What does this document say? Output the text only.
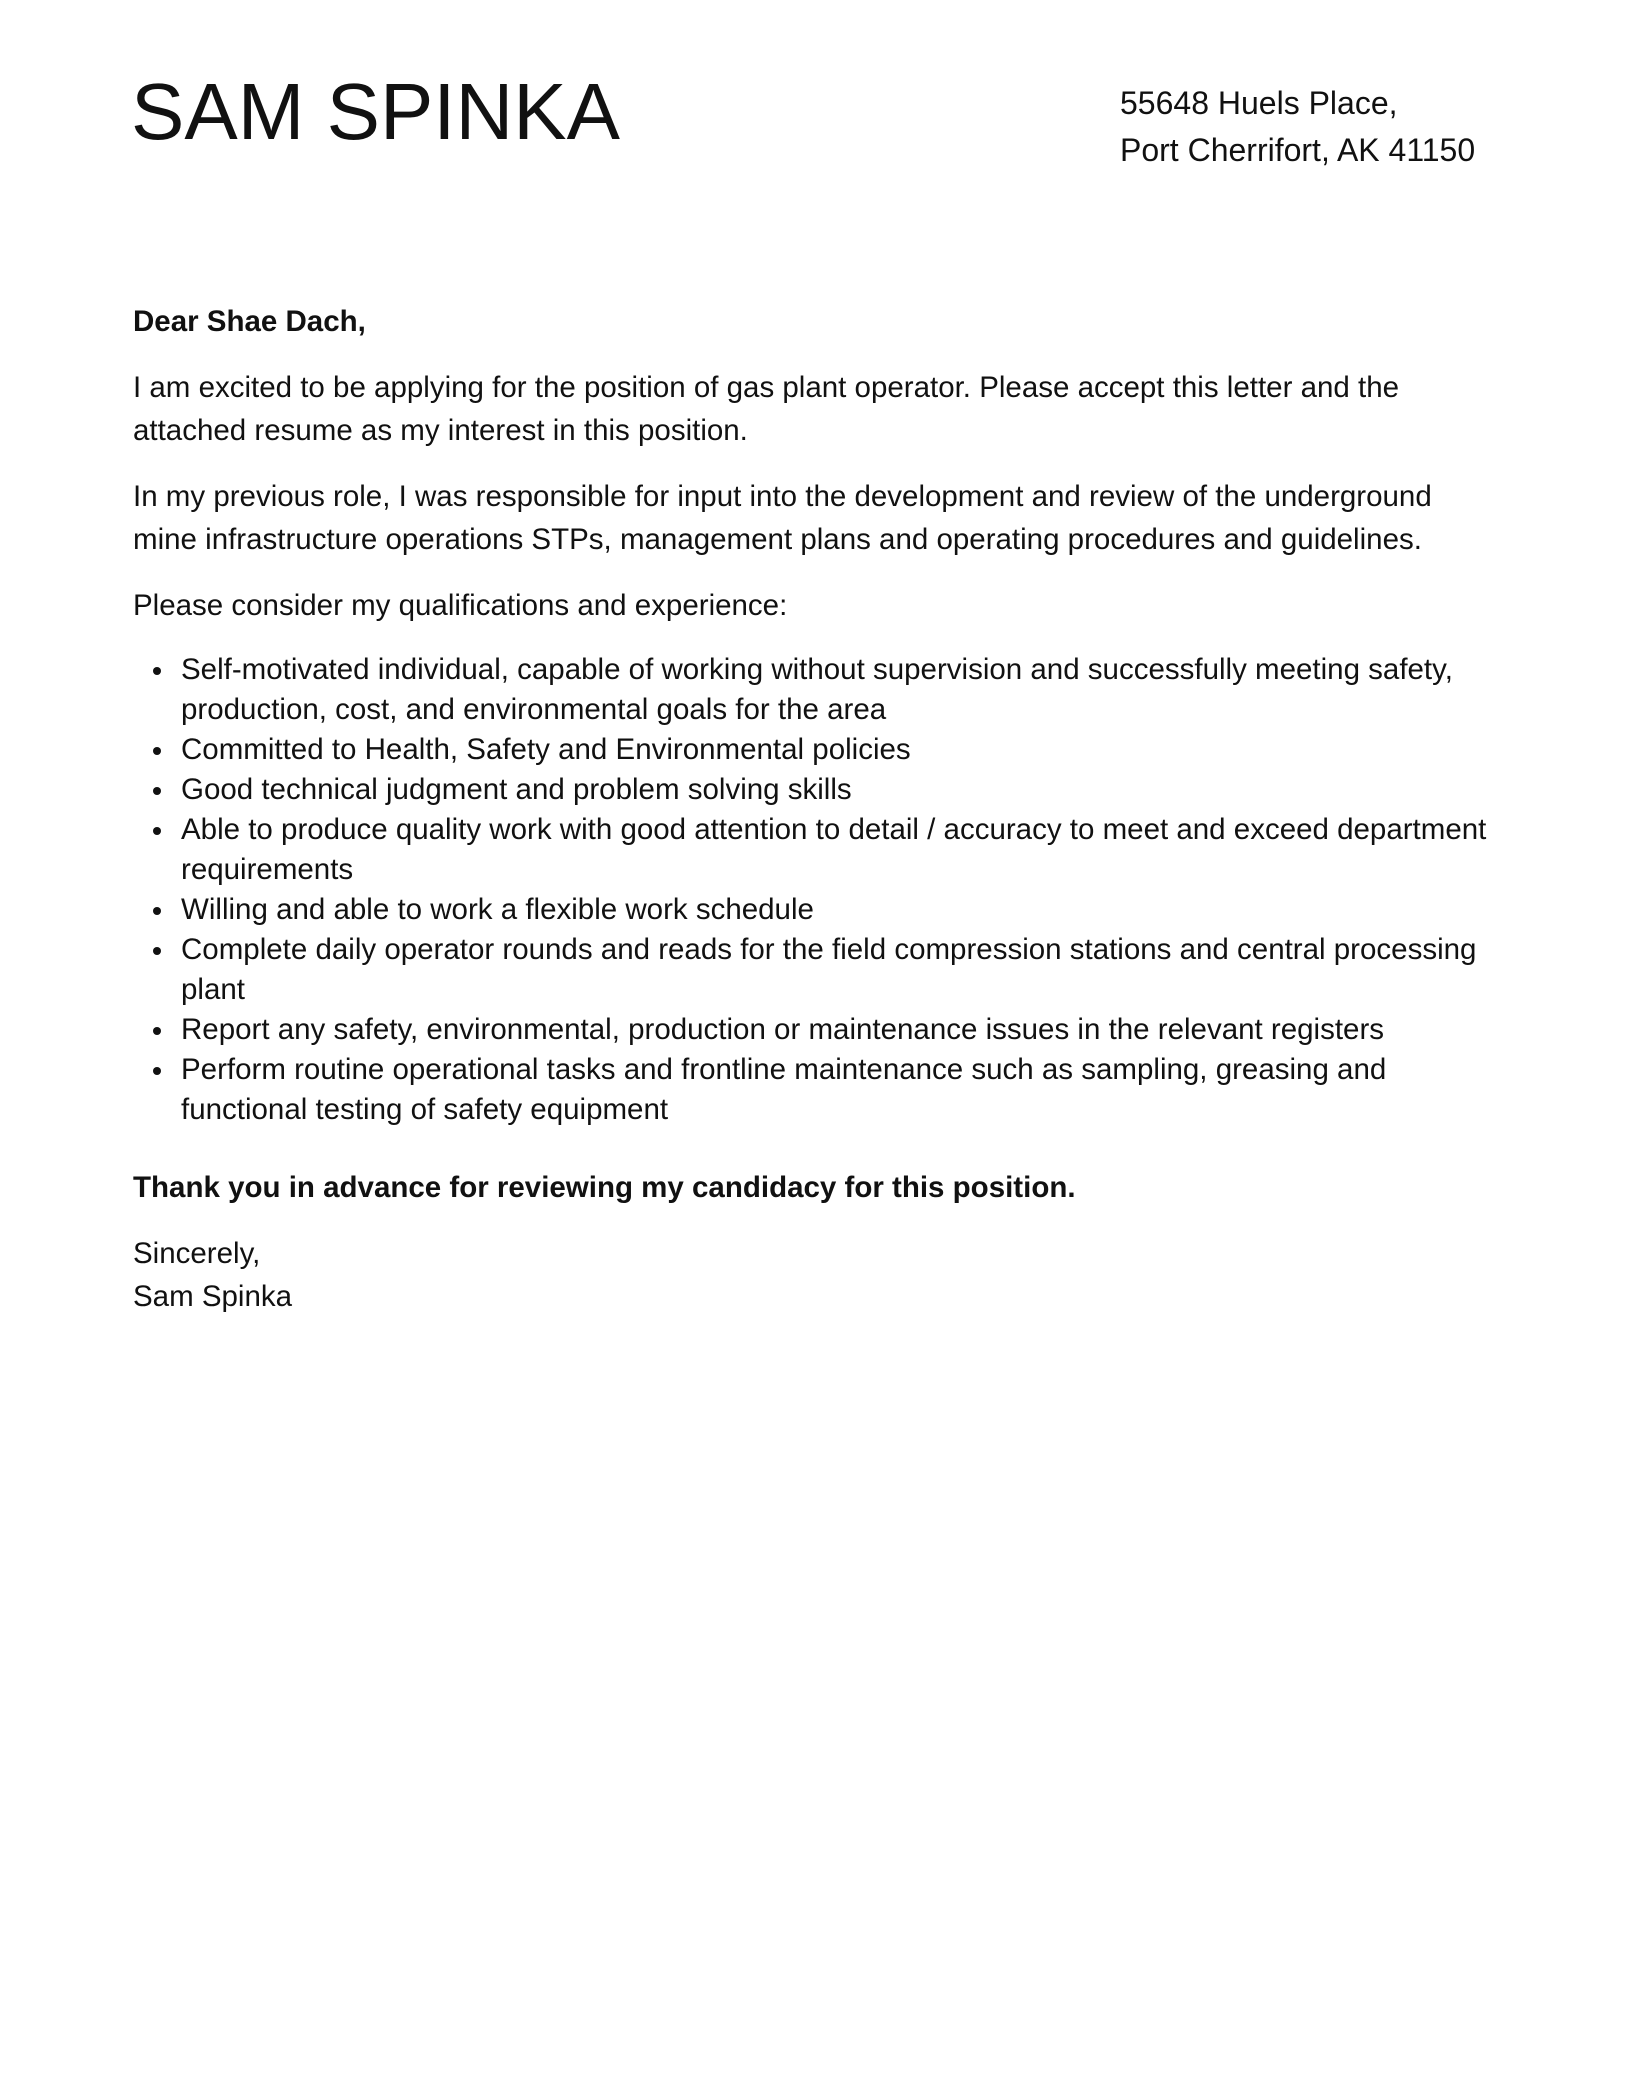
SAM SPINKA	55648 Huels Place,
Port Cherrifort, AK 41150

Dear Shae Dach,

I am excited to be applying for the position of gas plant operator. Please accept this letter and the attached resume as my interest in this position.

In my previous role, I was responsible for input into the development and review of the underground mine infrastructure operations STPs, management plans and operating procedures and guidelines.

Please consider my qualifications and experience:

Self-motivated individual, capable of working without supervision and successfully meeting safety, production, cost, and environmental goals for the area
Committed to Health, Safety and Environmental policies
Good technical judgment and problem solving skills
Able to produce quality work with good attention to detail / accuracy to meet and exceed department requirements
Willing and able to work a flexible work schedule
Complete daily operator rounds and reads for the field compression stations and central processing plant
Report any safety, environmental, production or maintenance issues in the relevant registers
Perform routine operational tasks and frontline maintenance such as sampling, greasing and functional testing of safety equipment

Thank you in advance for reviewing my candidacy for this position.

Sincerely,
Sam Spinka
